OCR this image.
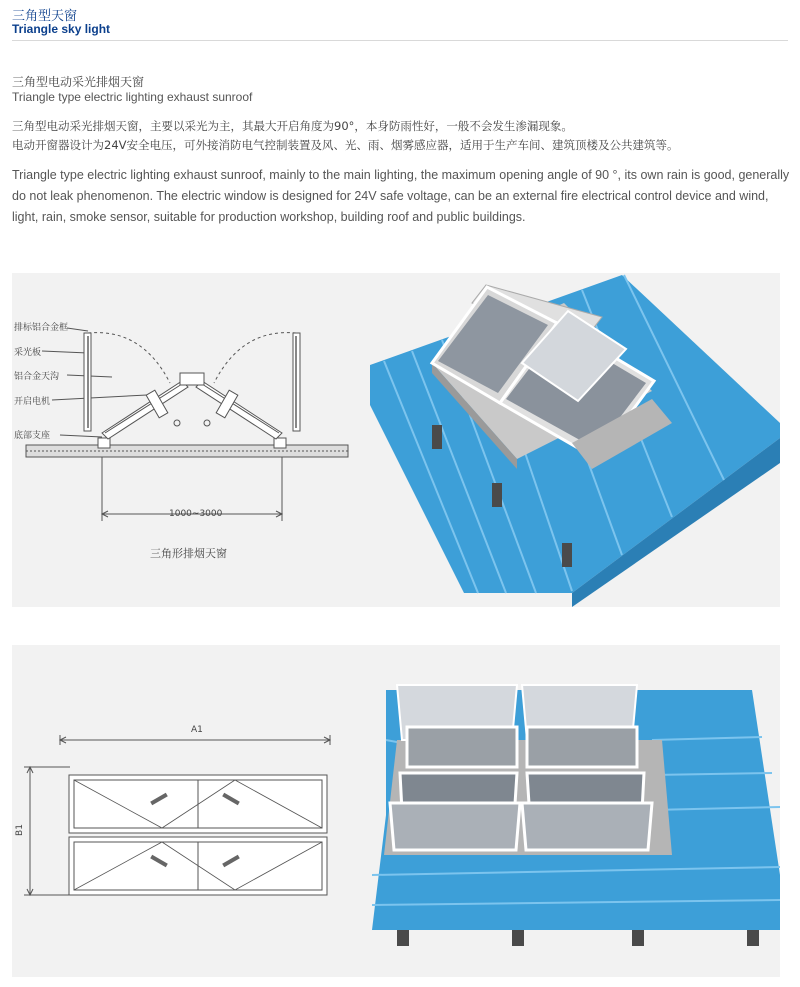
三角型天窗
Triangle sky light
三角型电动采光排烟天窗
Triangle type electric lighting exhaust sunroof
三角型电动采光排烟天窗，主要以采光为主，其最大开启角度为90°，本身防雨性好，一般不会发生渗漏现象。
电动开窗器设计为24V安全电压，可外接消防电气控制装置及风、光、雨、烟雾感应器，适用于生产车间、建筑顶楼及公共建筑等。
Triangle type electric lighting exhaust sunroof, mainly to the main lighting, the maximum opening angle of 90 °, its own rain is good, generally do not leak phenomenon. The electric window is designed for 24V safe voltage, can be an external fire electrical control device and wind, light, rain, smoke sensor, suitable for production workshop, building roof and public buildings.
排标铝合金框
采光板
铝合金天沟
开启电机
底部支座
1000~3000
三角形排烟天窗
A1
B1
